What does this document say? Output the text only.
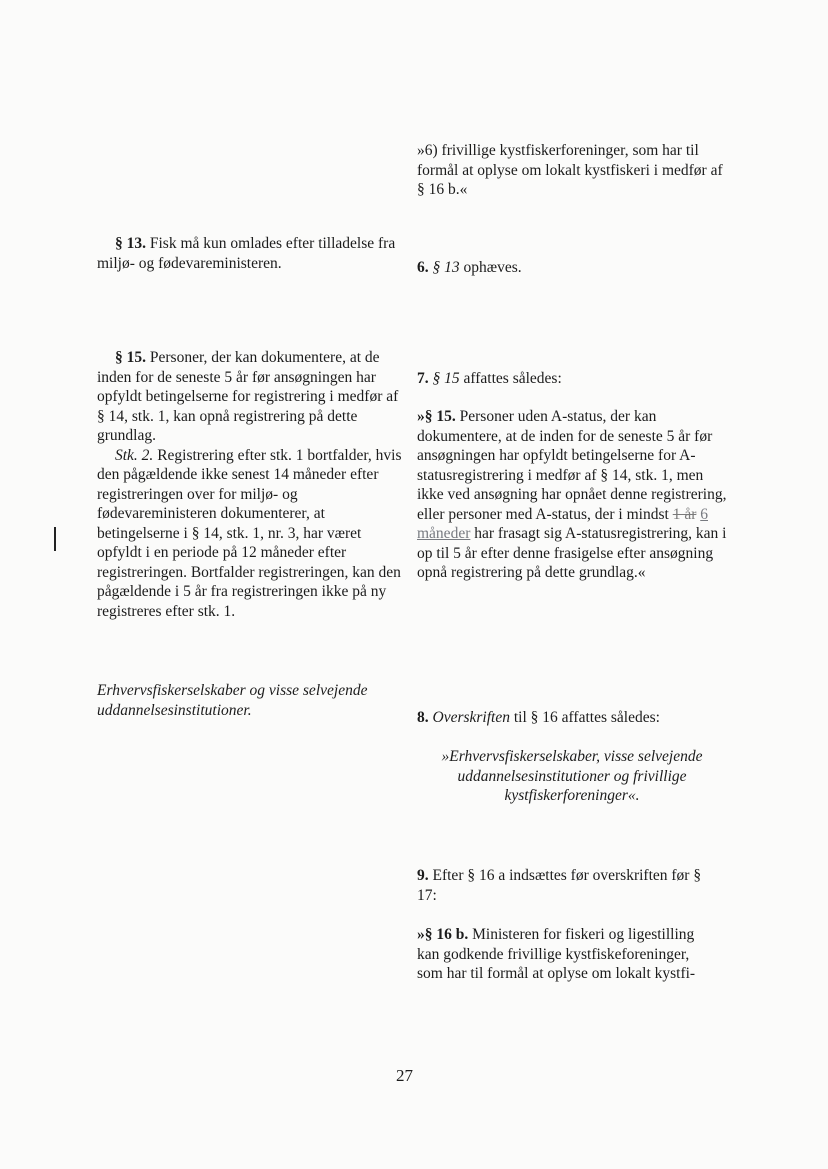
»6) frivillige kystfiskerforeninger, som har til formål at oplyse om lokalt kystfiskeri i medfør af § 16 b.«

6. § 13 ophæves.

7. § 15 affattes således:

»§ 15. Personer uden A-status, der kan dokumentere, at de inden for de seneste 5 år før ansøgningen har opfyldt betingelserne for A-statusregistrering i medfør af § 14, stk. 1, men ikke ved ansøgning har opnået denne registrering, eller personer med A-status, der i mindst 1 år 6 måneder har frasagt sig A-statusregistrering, kan i op til 5 år efter denne frasigelse efter ansøgning opnå registrering på dette grundlag.«

8. Overskriften til § 16 affattes således:

»Erhvervsfiskerselskaber, visse selvejende uddannelsesinstitutioner og frivillige kystfiskerforeninger«.

9. Efter § 16 a indsættes før overskriften før § 17:

»§ 16 b. Ministeren for fiskeri og ligestilling kan godkende frivillige kystfiskeforeninger, som har til formål at oplyse om lokalt kystfi-

§ 13. Fisk må kun omlades efter tilladelse fra miljø- og fødevareministeren.

§ 15. Personer, der kan dokumentere, at de inden for de seneste 5 år før ansøgningen har opfyldt betingelserne for registrering i medfør af § 14, stk. 1, kan opnå registrering på dette grundlag.

Stk. 2. Registrering efter stk. 1 bortfalder, hvis den pågældende ikke senest 14 måneder efter registreringen over for miljø- og fødevareministeren dokumenterer, at betingelserne i § 14, stk. 1, nr. 3, har været opfyldt i en periode på 12 måneder efter registreringen. Bortfalder registreringen, kan den pågældende i 5 år fra registreringen ikke på ny registreres efter stk. 1.

Erhvervsfiskerselskaber og visse selvejende uddannelsesinstitutioner.

27
